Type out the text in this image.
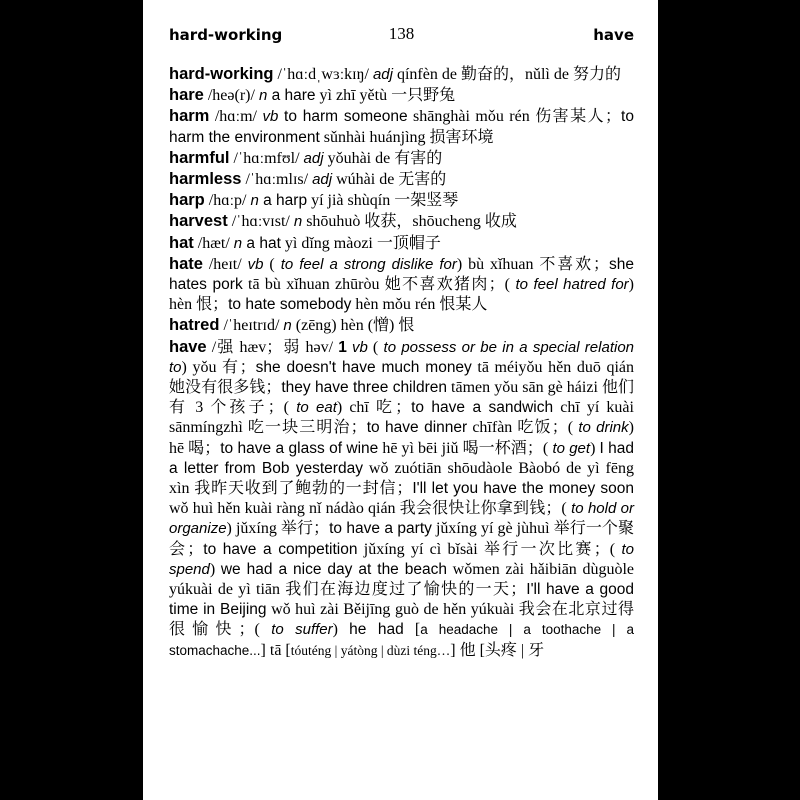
hard-working	138	have
hard-working /ˈhɑːdˌwɜːkɪŋ/ adj qínfèn de 勤奋的，nǔlì de 努力的
hare /heə(r)/ n a hare yì zhī yětù 一只野兔
harm /hɑːm/ vb to harm someone shānghài mǒu rén 伤害某人；to harm the environment sǔnhài huánjìng 损害环境
harmful /ˈhɑːmfʊl/ adj yǒuhài de 有害的
harmless /ˈhɑːmlɪs/ adj wúhài de 无害的
harp /hɑːp/ n a harp yí jià shùqín 一架竖琴
harvest /ˈhɑːvɪst/ n shōuhuò 收获，shōucheng 收成
hat /hæt/ n a hat yì dǐng màozi 一顶帽子
hate /heɪt/ vb ( to feel a strong dislike for) bù xǐhuan 不喜欢；she hates pork tā bù xǐhuan zhūròu 她不喜欢猪肉；( to feel hatred for) hèn 恨；to hate somebody hèn mǒu rén 恨某人
hatred /ˈheɪtrɪd/ n (zēng) hèn (憎) 恨
have /强 hæv；弱 həv/ 1 vb ( to possess or be in a special relation to) yǒu 有；she doesn't have much money tā méiyǒu hěn duō qián 她没有很多钱；they have three children tāmen yǒu sān gè háizi 他们有 3 个孩子；( to eat) chī 吃；to have a sandwich chī yí kuài sānmíngzhì 吃一块三明治；to have dinner chīfàn 吃饭；( to drink) hē 喝；to have a glass of wine hē yì bēi jiǔ 喝一杯酒；( to get) I had a letter from Bob yesterday wǒ zuótiān shōudàole Bàobó de yì fēng xìn 我昨天收到了鲍勃的一封信；I'll let you have the money soon wǒ huì hěn kuài ràng nǐ nádào qián 我会很快让你拿到钱；( to hold or organize) jǔxíng 举行；to have a party jǔxíng yí gè jùhuì 举行一个聚会；to have a competition jǔxíng yí cì bǐsài 举行一次比赛；( to spend) we had a nice day at the beach wǒmen zài hǎibiān dùguòle yúkuài de yì tiān 我们在海边度过了愉快的一天；I'll have a good time in Beijing wǒ huì zài Běijīng guò de hěn yúkuài 我会在北京过得很愉快；( to suffer) he had [a headache | a toothache | a stomachache...] tā [tóuténg | yátòng | dùzi téng…] 他 [头疼 | 牙
